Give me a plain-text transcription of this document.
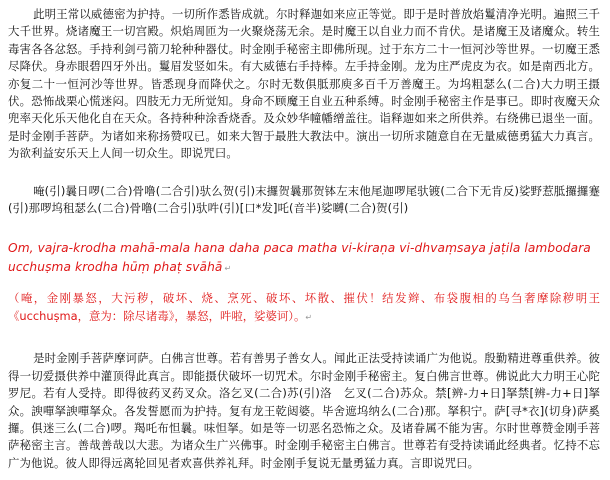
此明王常以威德密为护持。一切所作悉皆成就。尔时释迦如来应正等觉。即于是时普放焰鬘清净光明。遍照三千大千世界。烧诸魔王一切宫殿。炽焰周匝为一火聚烧荡无余。是时魔王以自业力而不肯伏。是诸魔王及诸魔众。转生毒害各各忿怒。手持利剑弓箭刀轮种种器仗。时金刚手秘密主即佛所现。过于东方二十一恒河沙等世界。一切魔王悉尽降伏。身赤眼碧四牙外出。鬘眉发竖如朱。有大威德右手持棒。左手持金刚。龙为庄严虎皮为衣。如是南西北方。亦复二十一恒河沙等世界。皆悉现身而降伏之。尔时无数俱胝那庾多百千万善魔王。为坞粗瑟么(二合)大力明王摄伏。恐怖战栗心慌迷闷。四肢无力无所觉知。身命不顾魔王自业五种系缚。时金刚手秘密主作是事已。即时夜魔天众兜率天化乐天他化自在天众。各持种种涂香烧香。及众妙华幢幡缯盖往。诣释迦如来之所供养。右绕佛已退坐一面。是时金刚手菩萨。为诸如来称扬赞叹已。如来大智于最胜大教法中。演出一切所求随意自在无量威德勇猛大力真言。为欲利益安乐天上人间一切众生。即说咒曰。

唵(引)曩日啰(二合)骨噜(二合引)驮么贺(引)末攞贺曩那贺钵左末他尾迦啰尾驮镀(二合下无肯反)娑野惹胝攞攞蹇(引)那啰坞租瑟么(二合)骨噜(二合引)驮吽(引)[口*发]吒(音半)娑嚩(二合)贺(引)

Om, vajra-krodha mahā-mala hana daha paca matha vi-kiraṇa vi-dhvaṃsaya jaṭila lambodara
ucchuṣma krodha hūṃ phaṭ svāhā ↵

（唵，金刚暴怒，大污秽，破坏、烧、烹死、破坏、坏散、摧伏！结发辫、布袋腹相的乌刍奢摩除秽明王《ucchuṣma，意为：除尽诸毒》，暴怒，吽啦，娑婆诃）。↵

是时金刚手菩萨摩诃萨。白佛言世尊。若有善男子善女人。闻此正法受持读诵广为他说。殷勤精进尊重供养。彼得一切爱摄供养中灌顶得此真言。即能摄伏破坏一切咒术。尔时金刚手秘密主。复白佛言世尊。佛说此大力明王心陀罗尼。若有人受持。即得彼药叉药叉众。洛乞叉(二合)苏(引)洛　乞叉(二合)苏众。禁[辨-力+日]拏禁[辨-力+日]拏众。諛嘽拏諛嘽拏众。各发誓愿而为护持。复有龙王乾闼婆。毕舍遮坞纳么(二合)那。拏积宁。萨[寻*衣](切身)萨奚攞。俱迷三么(二合)啰。羯吒布怛曩。味怛拏。如是等一切恶名恐怖之众。及诸眷属不能为害。尔时世尊赞金刚手菩萨秘密主言。善哉善哉以大悲。为诸众生广兴佛事。时金刚手秘密主白佛言。世尊若有受持读诵此经典者。忆持不忘广为他说。彼人即得远离轮回见者欢喜供养礼拜。时金刚手复说无量勇猛力真。言即说咒曰。
